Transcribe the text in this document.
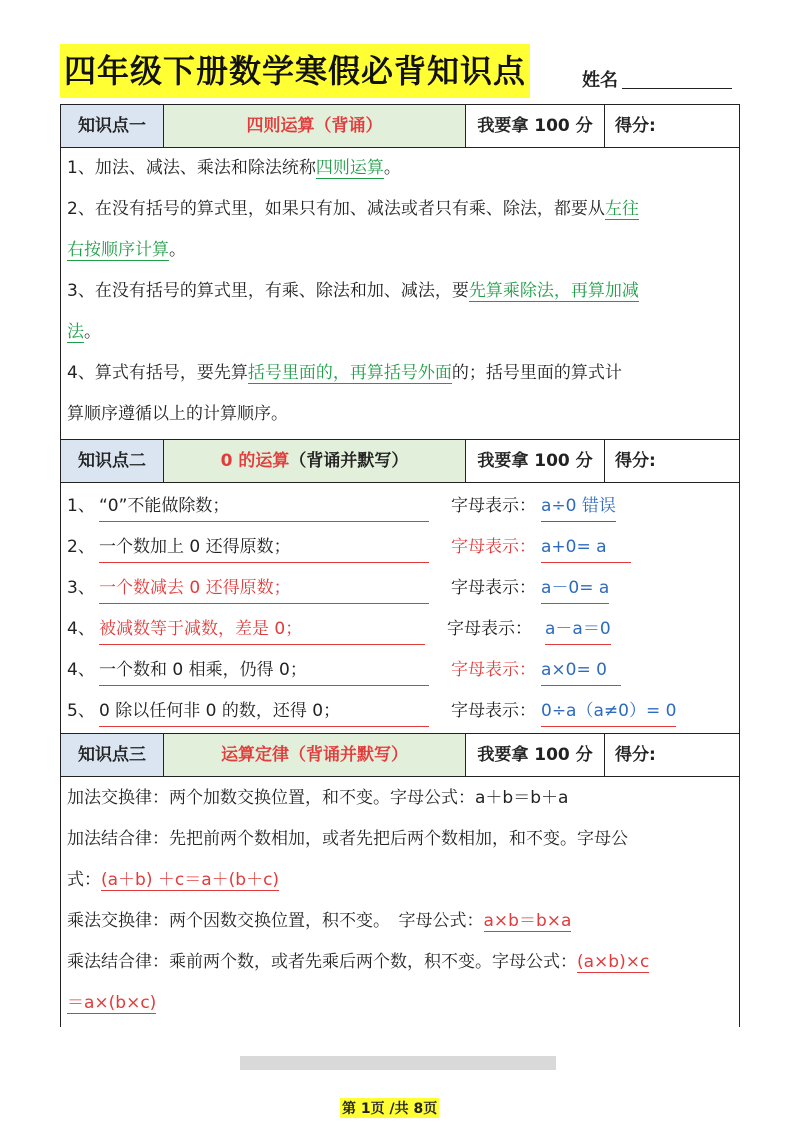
四年级下册数学寒假必背知识点	姓名
知识点一	四则运算（背诵）	我要拿 100 分	得分:
1、加法、减法、乘法和除法统称四则运算。
2、在没有括号的算式里，如果只有加、减法或者只有乘、除法，都要从左往
右按顺序计算。
3、在没有括号的算式里，有乘、除法和加、减法，要先算乘除法，再算加减
法。
4、算式有括号，要先算括号里面的，再算括号外面的；括号里面的算式计
算顺序遵循以上的计算顺序。
知识点二	0 的运算（背诵并默写）	我要拿 100 分	得分:
1、 “0”不能做除数；	字母表示： a÷0 错误
2、 一个数加上 0 还得原数；	字母表示： a+0= a
3、 一个数减去 0 还得原数；	字母表示： a－0= a
4、 被减数等于减数，差是 0；	字母表示： a－a＝0
4、 一个数和 0 相乘，仍得 0；	字母表示： a×0= 0
5、 0 除以任何非 0 的数，还得 0；	字母表示： 0÷a（a≠0）= 0
知识点三	运算定律（背诵并默写）	我要拿 100 分	得分:
加法交换律：两个加数交换位置，和不变。字母公式：a＋b＝b＋a
加法结合律：先把前两个数相加，或者先把后两个数相加，和不变。字母公
式：(a＋b) ＋c＝a＋(b＋c)
乘法交换律：两个因数交换位置，积不变。　字母公式：a×b＝b×a
乘法结合律：乘前两个数，或者先乘后两个数，积不变。字母公式：(a×b)×c
＝a×(b×c)
第 1页 /共 8页
